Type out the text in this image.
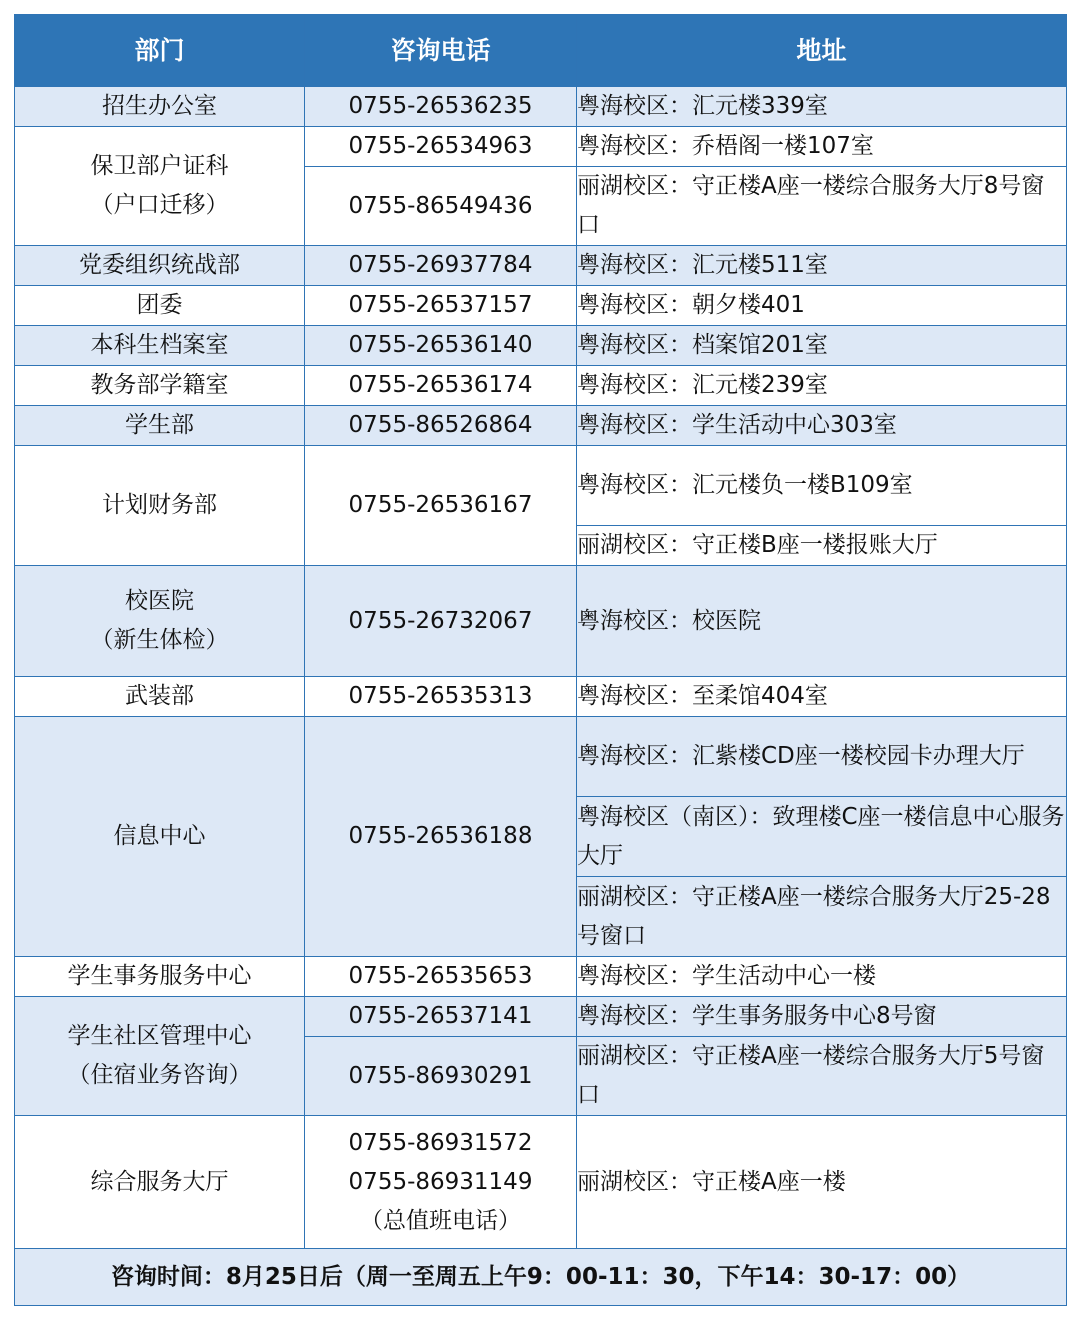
部门	咨询电话	地址
招生办公室	0755-26536235	粤海校区：汇元楼339室

保卫部户证科
（户口迁移）	0755-26534963	粤海校区：乔梧阁一楼107室
	0755-86549436	丽湖校区：守正楼A座一楼综合服务大厅8号窗口
党委组织统战部	0755-26937784	粤海校区：汇元楼511室
团委	0755-26537157	粤海校区：朝夕楼401
本科生档案室	0755-26536140	粤海校区：档案馆201室
教务部学籍室	0755-26536174	粤海校区：汇元楼239室
学生部	0755-86526864	粤海校区：学生活动中心303室
计划财务部	0755-26536167	粤海校区：汇元楼负一楼B109室
		丽湖校区：守正楼B座一楼报账大厅

校医院
（新生体检）	0755-26732067	粤海校区：校医院
武装部	0755-26535313	粤海校区：至柔馆404室
信息中心	0755-26536188	粤海校区：汇紫楼CD座一楼校园卡办理大厅
		粤海校区（南区）：致理楼C座一楼信息中心服务大厅
		丽湖校区：守正楼A座一楼综合服务大厅25-28号窗口
学生事务服务中心	0755-26535653	粤海校区：学生活动中心一楼

学生社区管理中心
（住宿业务咨询）	0755-26537141	粤海校区：学生事务服务中心8号窗
	0755-86930291	丽湖校区：守正楼A座一楼综合服务大厅5号窗口
综合服务大厅	0755-86931572
0755-86931149
（总值班电话）	丽湖校区：守正楼A座一楼
咨询时间：8月25日后（周一至周五上午9：00-11：30，下午14：30-17：00）		
